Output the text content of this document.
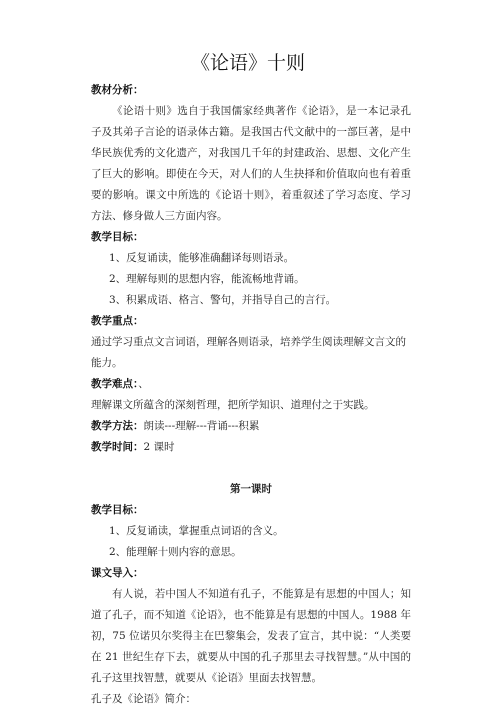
《论语》十则
教材分析：
《论语十则》选自于我国儒家经典著作《论语》，是一本记录孔子及其弟子言论的语录体古籍。是我国古代文献中的一部巨著，是中华民族优秀的文化遗产，对我国几千年的封建政治、思想、文化产生了巨大的影响。即使在今天，对人们的人生抉择和价值取向也有着重要的影响。课文中所选的《论语十则》，着重叙述了学习态度、学习方法、修身做人三方面内容。
教学目标：
1、反复诵读，能够准确翻译每则语录。
2、理解每则的思想内容，能流畅地背诵。
3、积累成语、格言、警句，并指导自己的言行。
教学重点：
通过学习重点文言词语，理解各则语录，培养学生阅读理解文言文的能力。
教学难点：、
理解课文所蕴含的深刻哲理，把所学知识、道理付之于实践。
教学方法：朗读---理解---背诵---积累
教学时间：2 课时
第一课时
教学目标：
1、反复诵读，掌握重点词语的含义。
2、能理解十则内容的意思。
课文导入：
有人说，若中国人不知道有孔子，不能算是有思想的中国人；知道了孔子，而不知道《论语》，也不能算是有思想的中国人。1988 年初，75 位诺贝尔奖得主在巴黎集会，发表了宣言，其中说：“人类要在 21 世纪生存下去，就要从中国的孔子那里去寻找智慧。”从中国的孔子这里找智慧，就要从《论语》里面去找智慧。
孔子及《论语》简介：
